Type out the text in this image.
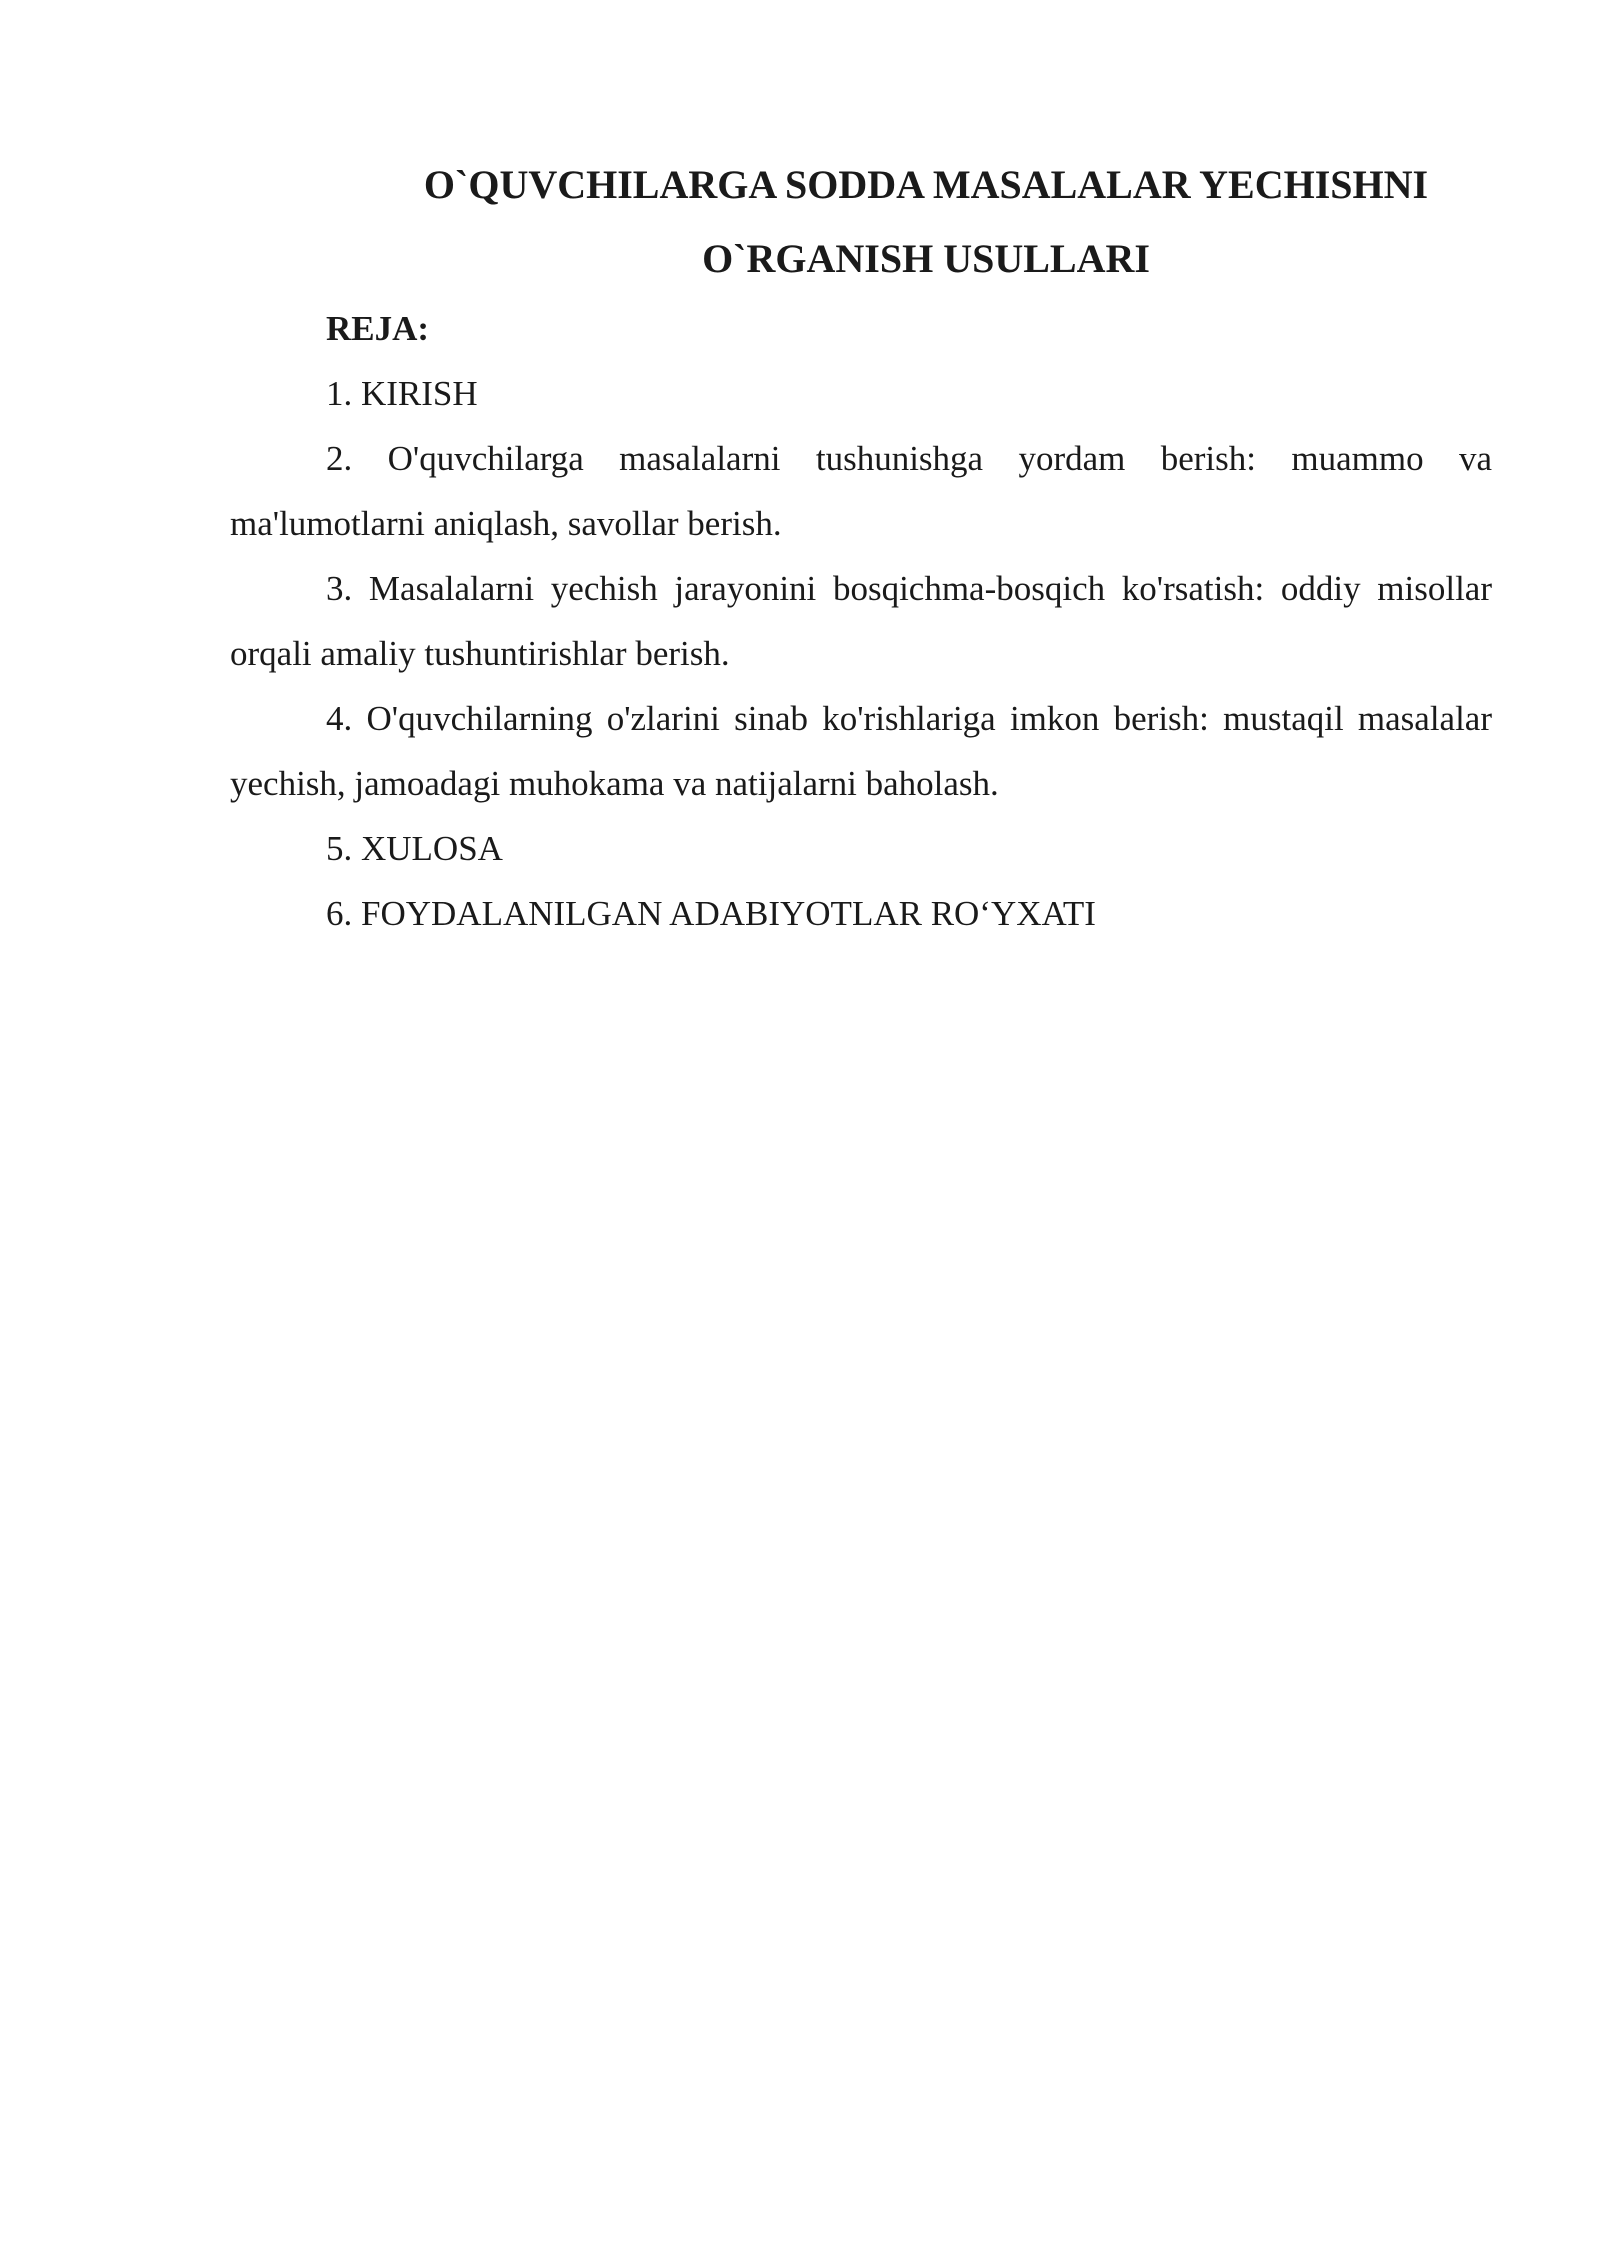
O`QUVCHILARGA SODDA MASALALAR YECHISHNI
O`RGANISH USULLARI

REJA:

1. KIRISH

2. O'quvchilarga masalalarni tushunishga yordam berish: muammo va ma'lumotlarni aniqlash, savollar berish.

3. Masalalarni yechish jarayonini bosqichma-bosqich ko'rsatish: oddiy misollar orqali amaliy tushuntirishlar berish.

4. O'quvchilarning o'zlarini sinab ko'rishlariga imkon berish: mustaqil masalalar yechish, jamoadagi muhokama va natijalarni baholash.

5. XULOSA

6. FOYDALANILGAN ADABIYOTLAR RO‘YXATI
